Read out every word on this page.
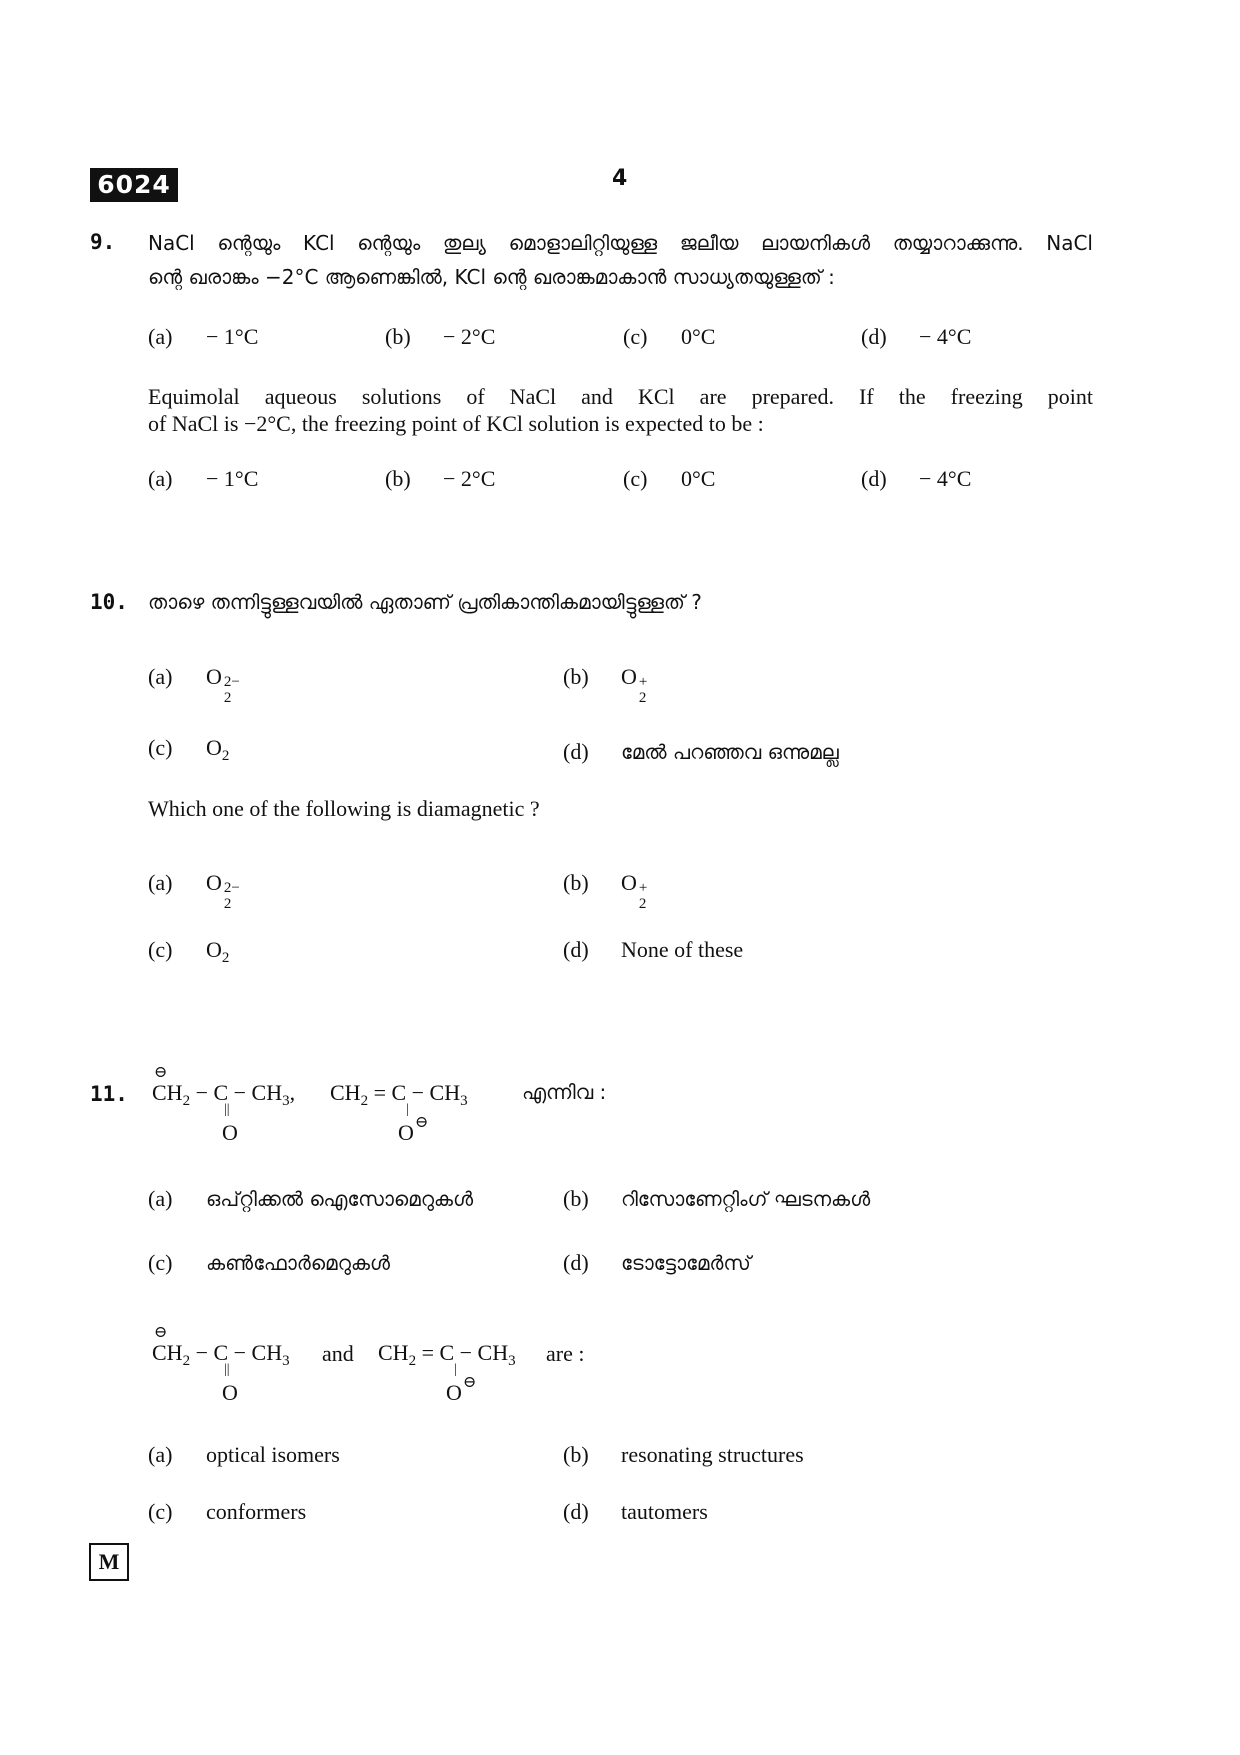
6024	4
9. NaCl ന്റെയും KCl ന്റെയും തുല്യ മൊളാലിറ്റിയുള്ള ജലീയ ലായനികൾ തയ്യാറാക്കുന്നു. NaCl
ന്റെ ഖരാങ്കം −2°C ആണെങ്കിൽ, KCl ന്റെ ഖരാങ്കമാകാൻ സാധ്യതയുള്ളത് :
(a) − 1°C	(b) − 2°C	(c) 0°C	(d) − 4°C
Equimolal aqueous solutions of NaCl and KCl are prepared. If the freezing point
of NaCl is −2°C, the freezing point of KCl solution is expected to be :
(a) − 1°C	(b) − 2°C	(c) 0°C	(d) − 4°C
10. താഴെ തന്നിട്ടുള്ളവയിൽ ഏതാണ് പ്രതികാന്തികമായിട്ടുള്ളത് ?
(a) O 2−
2
(b) O +
2
(c) $O_2$	(d) മേൽ പറഞ്ഞവ ഒന്നുമല്ല
Which one of the following is diamagnetic ?
(a) O 2−
2
(b) O +
2
(c) $O_2$	(d) None of these
11.
⊖
$CH_2 - C - CH_3$,
||
O
$CH_2 = C - CH_3$
|
O ⊖
എന്നിവ :
(a) ഒപ്റ്റിക്കൽ ഐസോമെറുകൾ	(b) റിസോണേറ്റിംഗ് ഘടനകൾ
(c) കൺഫോർമെറുകൾ	(d) ടോട്ടോമേർസ്
⊖
$CH_2 - C - CH_3$
||
O
and $CH_2 = C - CH_3$
|
O ⊖
are :
(a) optical isomers	(b) resonating structures
(c) conformers	(d) tautomers
M
